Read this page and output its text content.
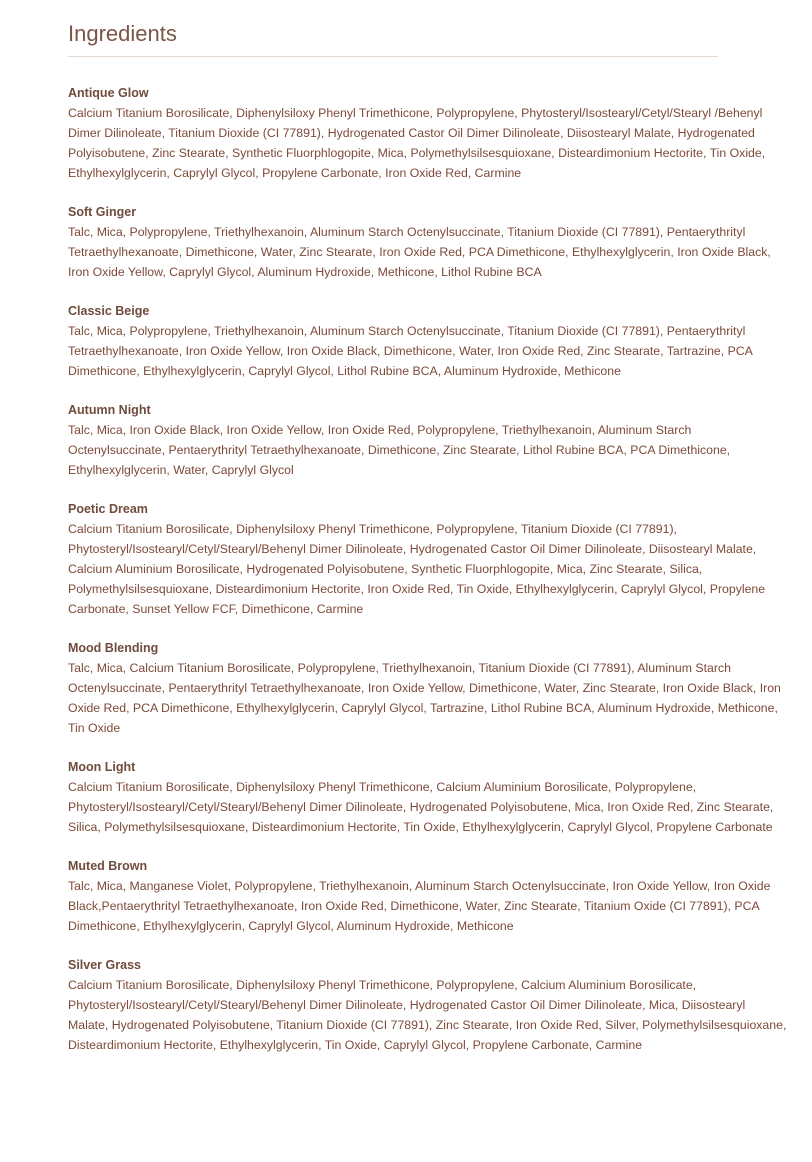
Ingredients
Antique Glow

Calcium Titanium Borosilicate, Diphenylsiloxy Phenyl Trimethicone, Polypropylene, Phytosteryl/Isostearyl/Cetyl/Stearyl /Behenyl Dimer Dilinoleate, Titanium Dioxide (CI 77891), Hydrogenated Castor Oil Dimer Dilinoleate, Diisostearyl Malate, Hydrogenated Polyisobutene, Zinc Stearate, Synthetic Fluorphlogopite, Mica, Polymethylsilsesquioxane, Disteardimonium Hectorite, Tin Oxide, Ethylhexylglycerin, Caprylyl Glycol, Propylene Carbonate, Iron Oxide Red, Carmine

Soft Ginger

Talc, Mica, Polypropylene, Triethylhexanoin, Aluminum Starch Octenylsuccinate, Titanium Dioxide (CI 77891), Pentaerythrityl Tetraethylhexanoate, Dimethicone, Water, Zinc Stearate, Iron Oxide Red, PCA Dimethicone, Ethylhexylglycerin, Iron Oxide Black, Iron Oxide Yellow, Caprylyl Glycol, Aluminum Hydroxide, Methicone, Lithol Rubine BCA

Classic Beige

Talc, Mica, Polypropylene, Triethylhexanoin, Aluminum Starch Octenylsuccinate, Titanium Dioxide (CI 77891), Pentaerythrityl Tetraethylhexanoate, Iron Oxide Yellow, Iron Oxide Black, Dimethicone, Water, Iron Oxide Red, Zinc Stearate, Tartrazine, PCA Dimethicone, Ethylhexylglycerin, Caprylyl Glycol, Lithol Rubine BCA, Aluminum Hydroxide, Methicone

Autumn Night

Talc, Mica, Iron Oxide Black, Iron Oxide Yellow, Iron Oxide Red, Polypropylene, Triethylhexanoin, Aluminum Starch Octenylsuccinate, Pentaerythrityl Tetraethylhexanoate, Dimethicone, Zinc Stearate, Lithol Rubine BCA, PCA Dimethicone, Ethylhexylglycerin, Water, Caprylyl Glycol

Poetic Dream

Calcium Titanium Borosilicate, Diphenylsiloxy Phenyl Trimethicone, Polypropylene, Titanium Dioxide (CI 77891), Phytosteryl/Isostearyl/Cetyl/Stearyl/Behenyl Dimer Dilinoleate, Hydrogenated Castor Oil Dimer Dilinoleate, Diisostearyl Malate, Calcium Aluminium Borosilicate, Hydrogenated Polyisobutene, Synthetic Fluorphlogopite, Mica, Zinc Stearate, Silica, Polymethylsilsesquioxane, Disteardimonium Hectorite, Iron Oxide Red, Tin Oxide, Ethylhexylglycerin, Caprylyl Glycol, Propylene Carbonate, Sunset Yellow FCF, Dimethicone, Carmine

Mood Blending

Talc, Mica, Calcium Titanium Borosilicate, Polypropylene, Triethylhexanoin, Titanium Dioxide (CI 77891), Aluminum Starch Octenylsuccinate, Pentaerythrityl Tetraethylhexanoate, Iron Oxide Yellow, Dimethicone, Water, Zinc Stearate, Iron Oxide Black, Iron Oxide Red, PCA Dimethicone, Ethylhexylglycerin, Caprylyl Glycol, Tartrazine, Lithol Rubine BCA, Aluminum Hydroxide, Methicone, Tin Oxide

Moon Light

Calcium Titanium Borosilicate, Diphenylsiloxy Phenyl Trimethicone, Calcium Aluminium Borosilicate, Polypropylene, Phytosteryl/Isostearyl/Cetyl/Stearyl/Behenyl Dimer Dilinoleate, Hydrogenated Polyisobutene, Mica, Iron Oxide Red, Zinc Stearate, Silica, Polymethylsilsesquioxane, Disteardimonium Hectorite, Tin Oxide, Ethylhexylglycerin, Caprylyl Glycol, Propylene Carbonate

Muted Brown

Talc, Mica, Manganese Violet, Polypropylene, Triethylhexanoin, Aluminum Starch Octenylsuccinate, Iron Oxide Yellow, Iron Oxide Black,Pentaerythrityl Tetraethylhexanoate, Iron Oxide Red, Dimethicone, Water, Zinc Stearate, Titanium Oxide (CI 77891), PCA Dimethicone, Ethylhexylglycerin, Caprylyl Glycol, Aluminum Hydroxide, Methicone

Silver Grass

Calcium Titanium Borosilicate, Diphenylsiloxy Phenyl Trimethicone, Polypropylene, Calcium Aluminium Borosilicate, Phytosteryl/Isostearyl/Cetyl/Stearyl/Behenyl Dimer Dilinoleate, Hydrogenated Castor Oil Dimer Dilinoleate, Mica, Diisostearyl Malate, Hydrogenated Polyisobutene, Titanium Dioxide (CI 77891), Zinc Stearate, Iron Oxide Red, Silver, Polymethylsilsesquioxane, Disteardimonium Hectorite, Ethylhexylglycerin, Tin Oxide, Caprylyl Glycol, Propylene Carbonate, Carmine
